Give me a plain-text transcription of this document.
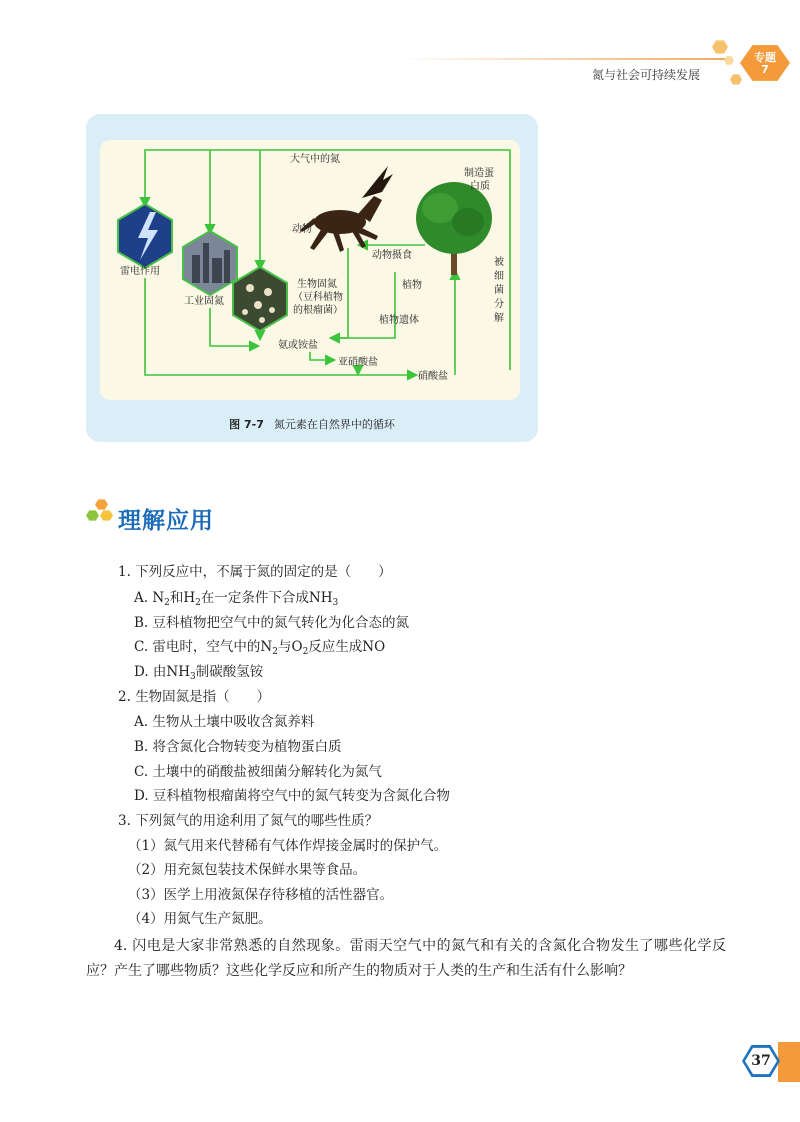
氮与社会可持续发展
专题
7
大气中的氮
制造蛋
白质
动物
动物摄食
雷电作用
工业固氮
生物固氮
（豆科植物
的根瘤菌）
植物
植物遗体
被
细
菌
分
解
氨或铵盐
亚硝酸盐
硝酸盐
图 7-7 氮元素在自然界中的循环
理解应用
1. 下列反应中，不属于氮的固定的是（　　）
A. $N_2$和$H_2$在一定条件下合成$NH_3$
B. 豆科植物把空气中的氮气转化为化合态的氮
C. 雷电时，空气中的$N_2$与$O_2$反应生成NO
D. 由$NH_3$制碳酸氢铵
2. 生物固氮是指（　　）
A. 生物从土壤中吸收含氮养料
B. 将含氮化合物转变为植物蛋白质
C. 土壤中的硝酸盐被细菌分解转化为氮气
D. 豆科植物根瘤菌将空气中的氮气转变为含氮化合物
3. 下列氮气的用途利用了氮气的哪些性质？
（1）氮气用来代替稀有气体作焊接金属时的保护气。
（2）用充氮包装技术保鲜水果等食品。
（3）医学上用液氮保存待移植的活性器官。
（4）用氮气生产氮肥。
4. 闪电是大家非常熟悉的自然现象。雷雨天空气中的氮气和有关的含氮化合物发生了哪些化学反应？产生了哪些物质？这些化学反应和所产生的物质对于人类的生产和生活有什么影响？
37
